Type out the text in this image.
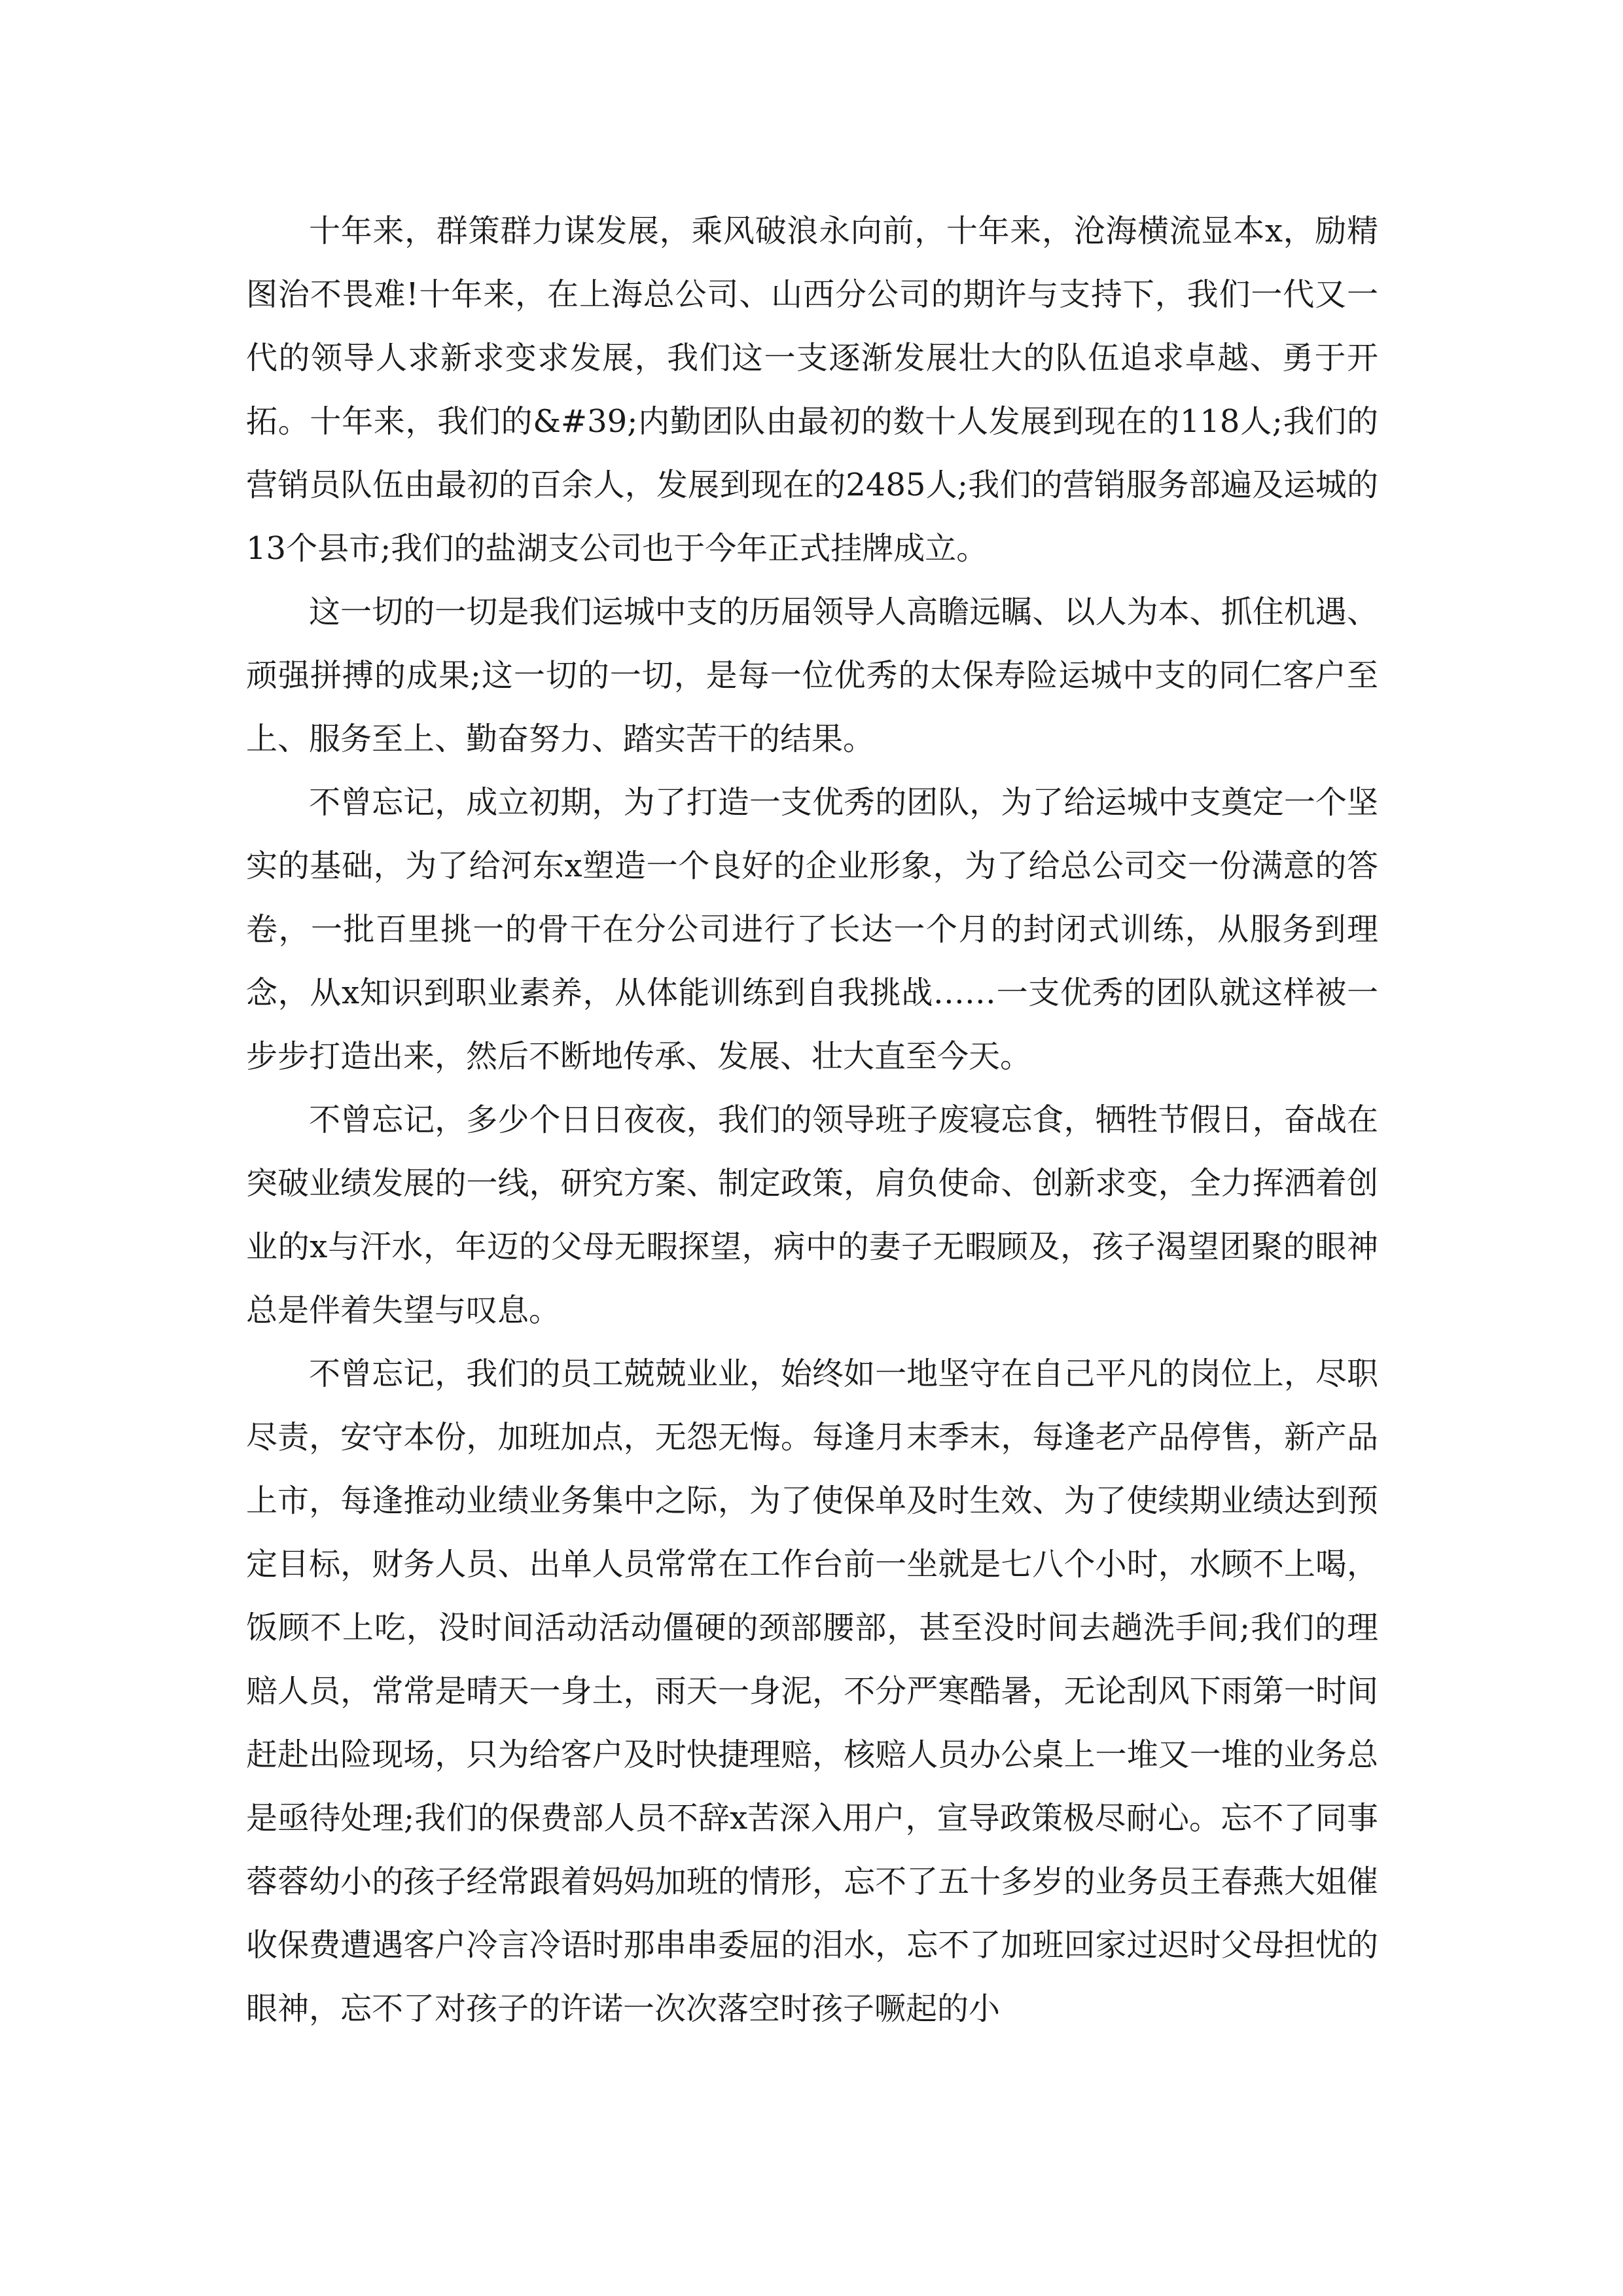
十年来，群策群力谋发展，乘风破浪永向前，十年来，沧海横流显本x，励精图治不畏难!十年来，在上海总公司、山西分公司的期许与支持下，我们一代又一代的领导人求新求变求发展，我们这一支逐渐发展壮大的队伍追求卓越、勇于开拓。十年来，我们的&#39;内勤团队由最初的数十人发展到现在的118人;我们的营销员队伍由最初的百余人，发展到现在的2485人;我们的营销服务部遍及运城的13个县市;我们的盐湖支公司也于今年正式挂牌成立。

这一切的一切是我们运城中支的历届领导人高瞻远瞩、以人为本、抓住机遇、顽强拼搏的成果;这一切的一切，是每一位优秀的太保寿险运城中支的同仁客户至上、服务至上、勤奋努力、踏实苦干的结果。

不曾忘记，成立初期，为了打造一支优秀的团队，为了给运城中支奠定一个坚实的基础，为了给河东x塑造一个良好的企业形象，为了给总公司交一份满意的答卷，一批百里挑一的骨干在分公司进行了长达一个月的封闭式训练，从服务到理念，从x知识到职业素养，从体能训练到自我挑战……一支优秀的团队就这样被一步步打造出来，然后不断地传承、发展、壮大直至今天。

不曾忘记，多少个日日夜夜，我们的领导班子废寝忘食，牺牲节假日，奋战在突破业绩发展的一线，研究方案、制定政策，肩负使命、创新求变，全力挥洒着创业的x与汗水，年迈的父母无暇探望，病中的妻子无暇顾及，孩子渴望团聚的眼神总是伴着失望与叹息。

不曾忘记，我们的员工兢兢业业，始终如一地坚守在自己平凡的岗位上，尽职尽责，安守本份，加班加点，无怨无悔。每逢月末季末，每逢老产品停售，新产品上市，每逢推动业绩业务集中之际，为了使保单及时生效、为了使续期业绩达到预定目标，财务人员、出单人员常常在工作台前一坐就是七八个小时，水顾不上喝，饭顾不上吃，没时间活动活动僵硬的颈部腰部，甚至没时间去趟洗手间;我们的理赔人员，常常是晴天一身土，雨天一身泥，不分严寒酷暑，无论刮风下雨第一时间赶赴出险现场，只为给客户及时快捷理赔，核赔人员办公桌上一堆又一堆的业务总是亟待处理;我们的保费部人员不辞x苦深入用户，宣导政策极尽耐心。忘不了同事蓉蓉幼小的孩子经常跟着妈妈加班的情形，忘不了五十多岁的业务员王春燕大姐催收保费遭遇客户冷言冷语时那串串委屈的泪水，忘不了加班回家过迟时父母担忧的眼神，忘不了对孩子的许诺一次次落空时孩子噘起的小
